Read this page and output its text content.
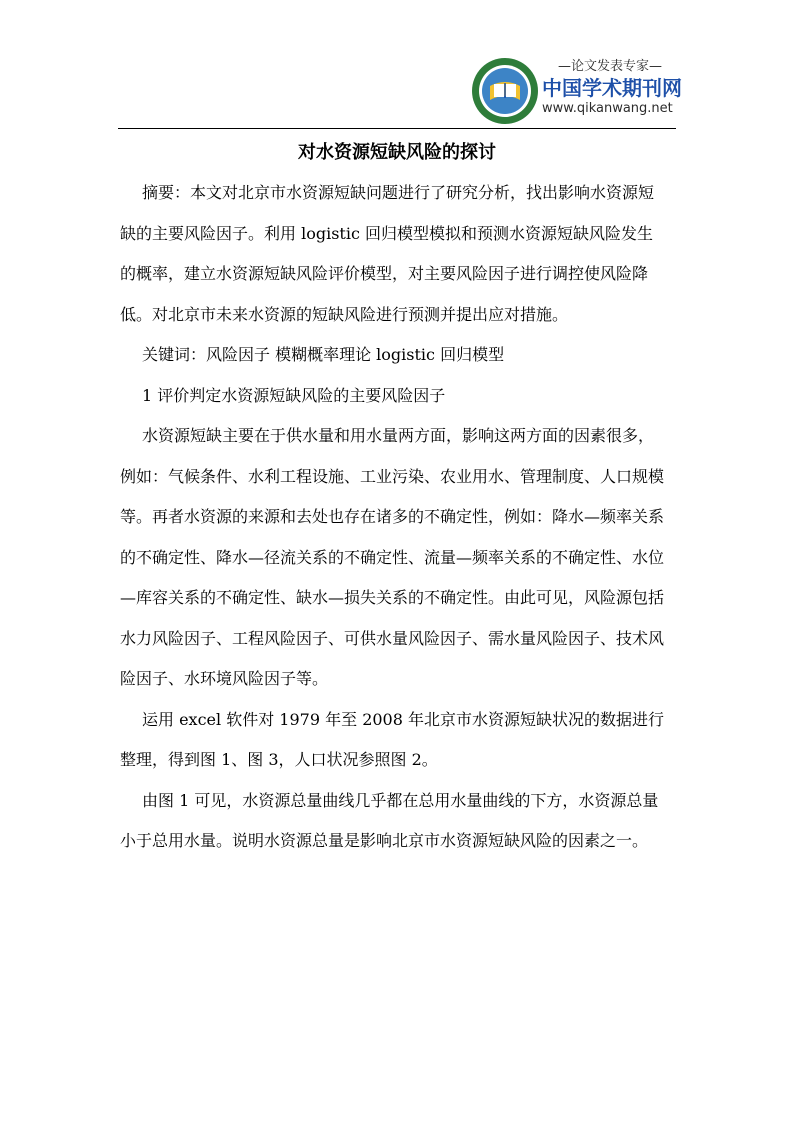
—论文发表专家—
中国学术期刊网
www.qikanwang.net
对水资源短缺风险的探讨

摘要：本文对北京市水资源短缺问题进行了研究分析，找出影响水资源短缺的主要风险因子。利用 logistic 回归模型模拟和预测水资源短缺风险发生的概率，建立水资源短缺风险评价模型，对主要风险因子进行调控使风险降低。对北京市未来水资源的短缺风险进行预测并提出应对措施。

关键词：风险因子 模糊概率理论 logistic 回归模型

1 评价判定水资源短缺风险的主要风险因子

水资源短缺主要在于供水量和用水量两方面，影响这两方面的因素很多，例如：气候条件、水利工程设施、工业污染、农业用水、管理制度、人口规模等。再者水资源的来源和去处也存在诸多的不确定性，例如：降水—频率关系的不确定性、降水—径流关系的不确定性、流量—频率关系的不确定性、水位—库容关系的不确定性、缺水—损失关系的不确定性。由此可见，风险源包括水力风险因子、工程风险因子、可供水量风险因子、需水量风险因子、技术风险因子、水环境风险因子等。

运用 excel 软件对 1979 年至 2008 年北京市水资源短缺状况的数据进行整理，得到图 1、图 3，人口状况参照图 2。

由图 1 可见，水资源总量曲线几乎都在总用水量曲线的下方，水资源总量小于总用水量。说明水资源总量是影响北京市水资源短缺风险的因素之一。
